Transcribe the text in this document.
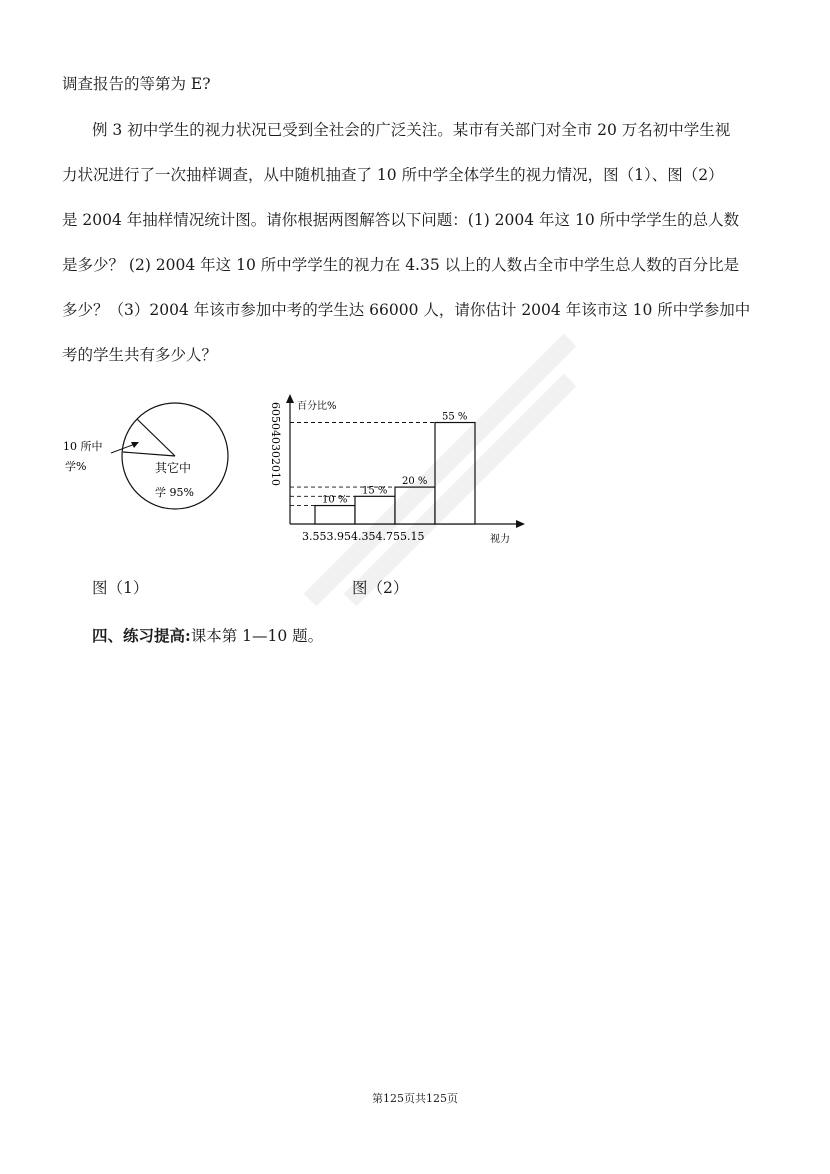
调查报告的等第为 E?
例 3 初中学生的视力状况已受到全社会的广泛关注。某市有关部门对全市 20 万名初中学生视
力状况进行了一次抽样调查，从中随机抽查了 10 所中学全体学生的视力情况，图（1）、图（2）
是 2004 年抽样情况统计图。请你根据两图解答以下问题：(1) 2004 年这 10 所中学学生的总人数
是多少？ (2) 2004 年这 10 所中学学生的视力在 4.35 以上的人数占全市中学生总人数的百分比是
多少？（3）2004 年该市参加中考的学生达 66000 人，请你估计 2004 年该市这 10 所中学参加中
考的学生共有多少人？
10 所中
学%	其它中
学 95%
百分比%
605040302010
3.553.954.354.755.15	视力
10 %
15 %
20 %
55 %
图（1）	图（2）
四、练习提高:课本第 1—10 题。
第125页共125页
